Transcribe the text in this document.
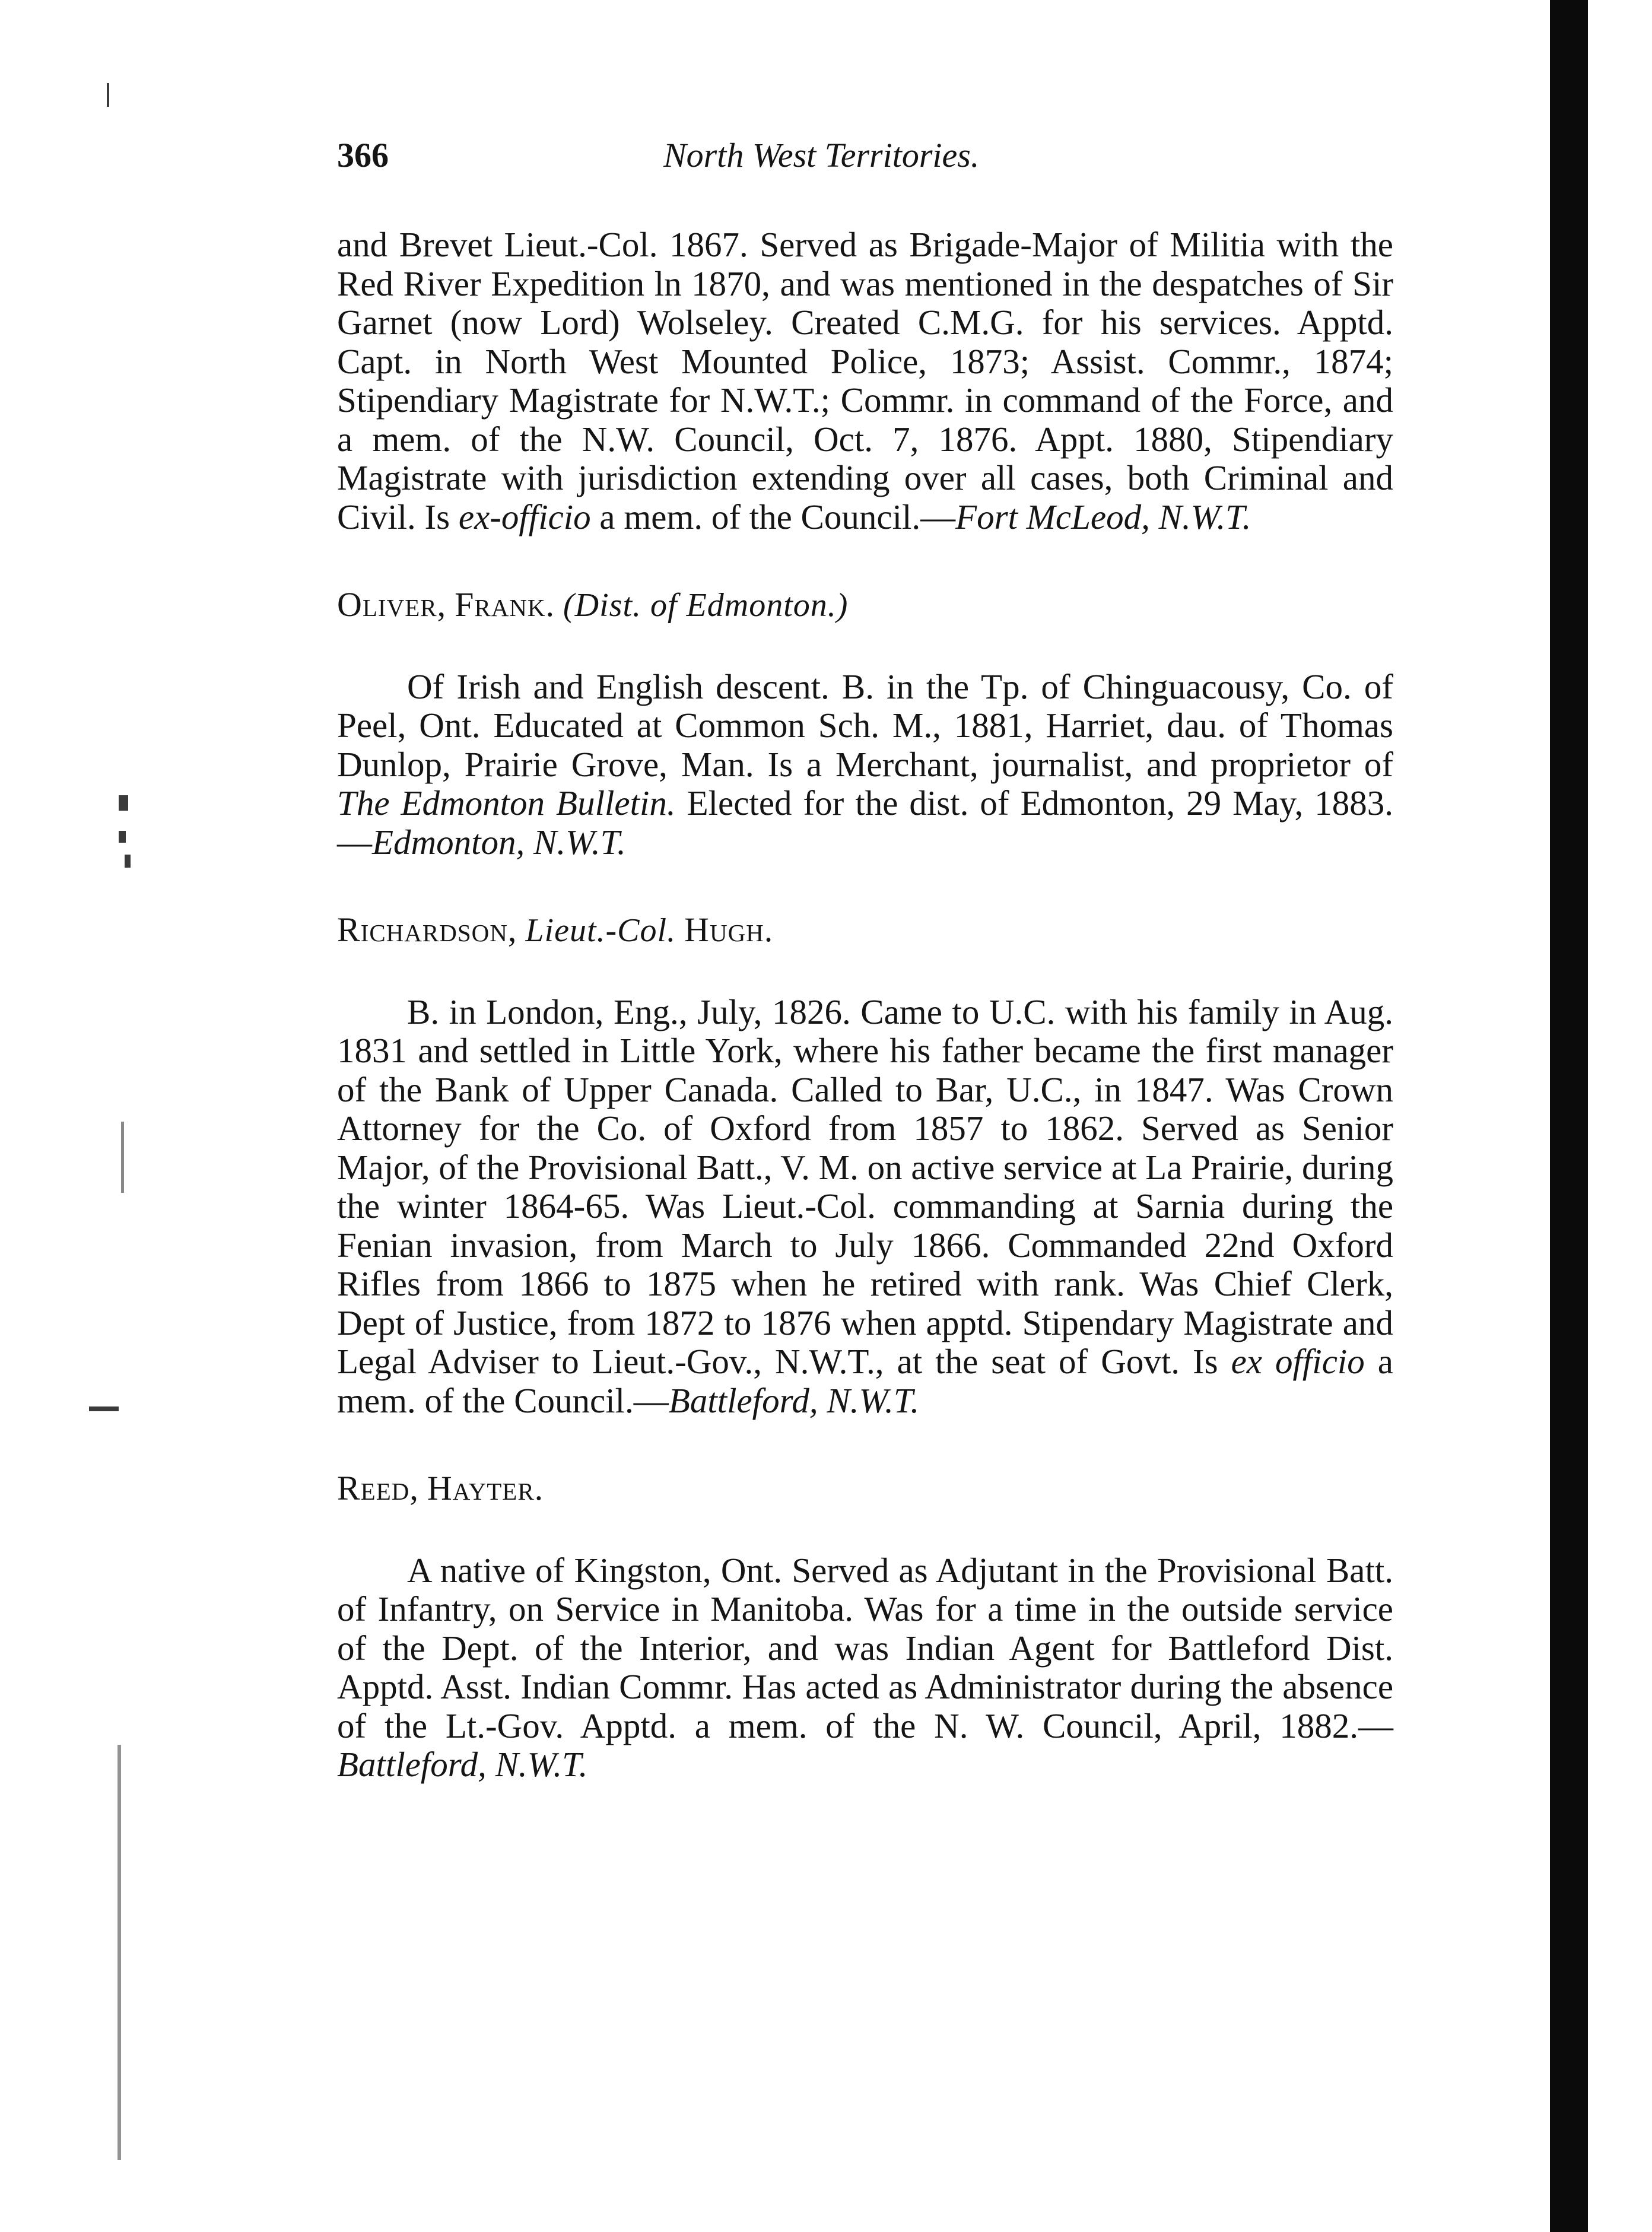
366	North West Territories.

and Brevet Lieut.-Col. 1867. Served as Brigade-Major of Militia with the Red River Expedition ln 1870, and was mentioned in the despatches of Sir Garnet (now Lord) Wolseley. Created C.M.G. for his services. Apptd. Capt. in North West Mounted Police, 1873; Assist. Commr., 1874; Stipendiary Magistrate for N.W.T.; Commr. in command of the Force, and a mem. of the N.W. Council, Oct. 7, 1876. Appt. 1880, Stipendiary Magistrate with jurisdiction extending over all cases, both Criminal and Civil. Is ex-officio a mem. of the Council.—Fort McLeod, N.W.T.

Oliver, Frank. (Dist. of Edmonton.)

Of Irish and English descent. B. in the Tp. of Chinguacousy, Co. of Peel, Ont. Educated at Common Sch. M., 1881, Harriet, dau. of Thomas Dunlop, Prairie Grove, Man. Is a Merchant, journalist, and proprietor of The Edmonton Bulletin. Elected for the dist. of Edmonton, 29 May, 1883.—Edmonton, N.W.T.

Richardson, Lieut.-Col. Hugh.

B. in London, Eng., July, 1826. Came to U.C. with his family in Aug. 1831 and settled in Little York, where his father became the first manager of the Bank of Upper Canada. Called to Bar, U.C., in 1847. Was Crown Attorney for the Co. of Oxford from 1857 to 1862. Served as Senior Major, of the Provisional Batt., V. M. on active service at La Prairie, during the winter 1864-65. Was Lieut.-Col. commanding at Sarnia during the Fenian invasion, from March to July 1866. Commanded 22nd Oxford Rifles from 1866 to 1875 when he retired with rank. Was Chief Clerk, Dept of Justice, from 1872 to 1876 when apptd. Stipendary Magistrate and Legal Adviser to Lieut.-Gov., N.W.T., at the seat of Govt. Is ex officio a mem. of the Council.—Battleford, N.W.T.

Reed, Hayter.

A native of Kingston, Ont. Served as Adjutant in the Provisional Batt. of Infantry, on Service in Manitoba. Was for a time in the outside service of the Dept. of the Interior, and was Indian Agent for Battleford Dist. Apptd. Asst. Indian Commr. Has acted as Administrator during the absence of the Lt.-Gov. Apptd. a mem. of the N. W. Council, April, 1882.—Battleford, N.W.T.
